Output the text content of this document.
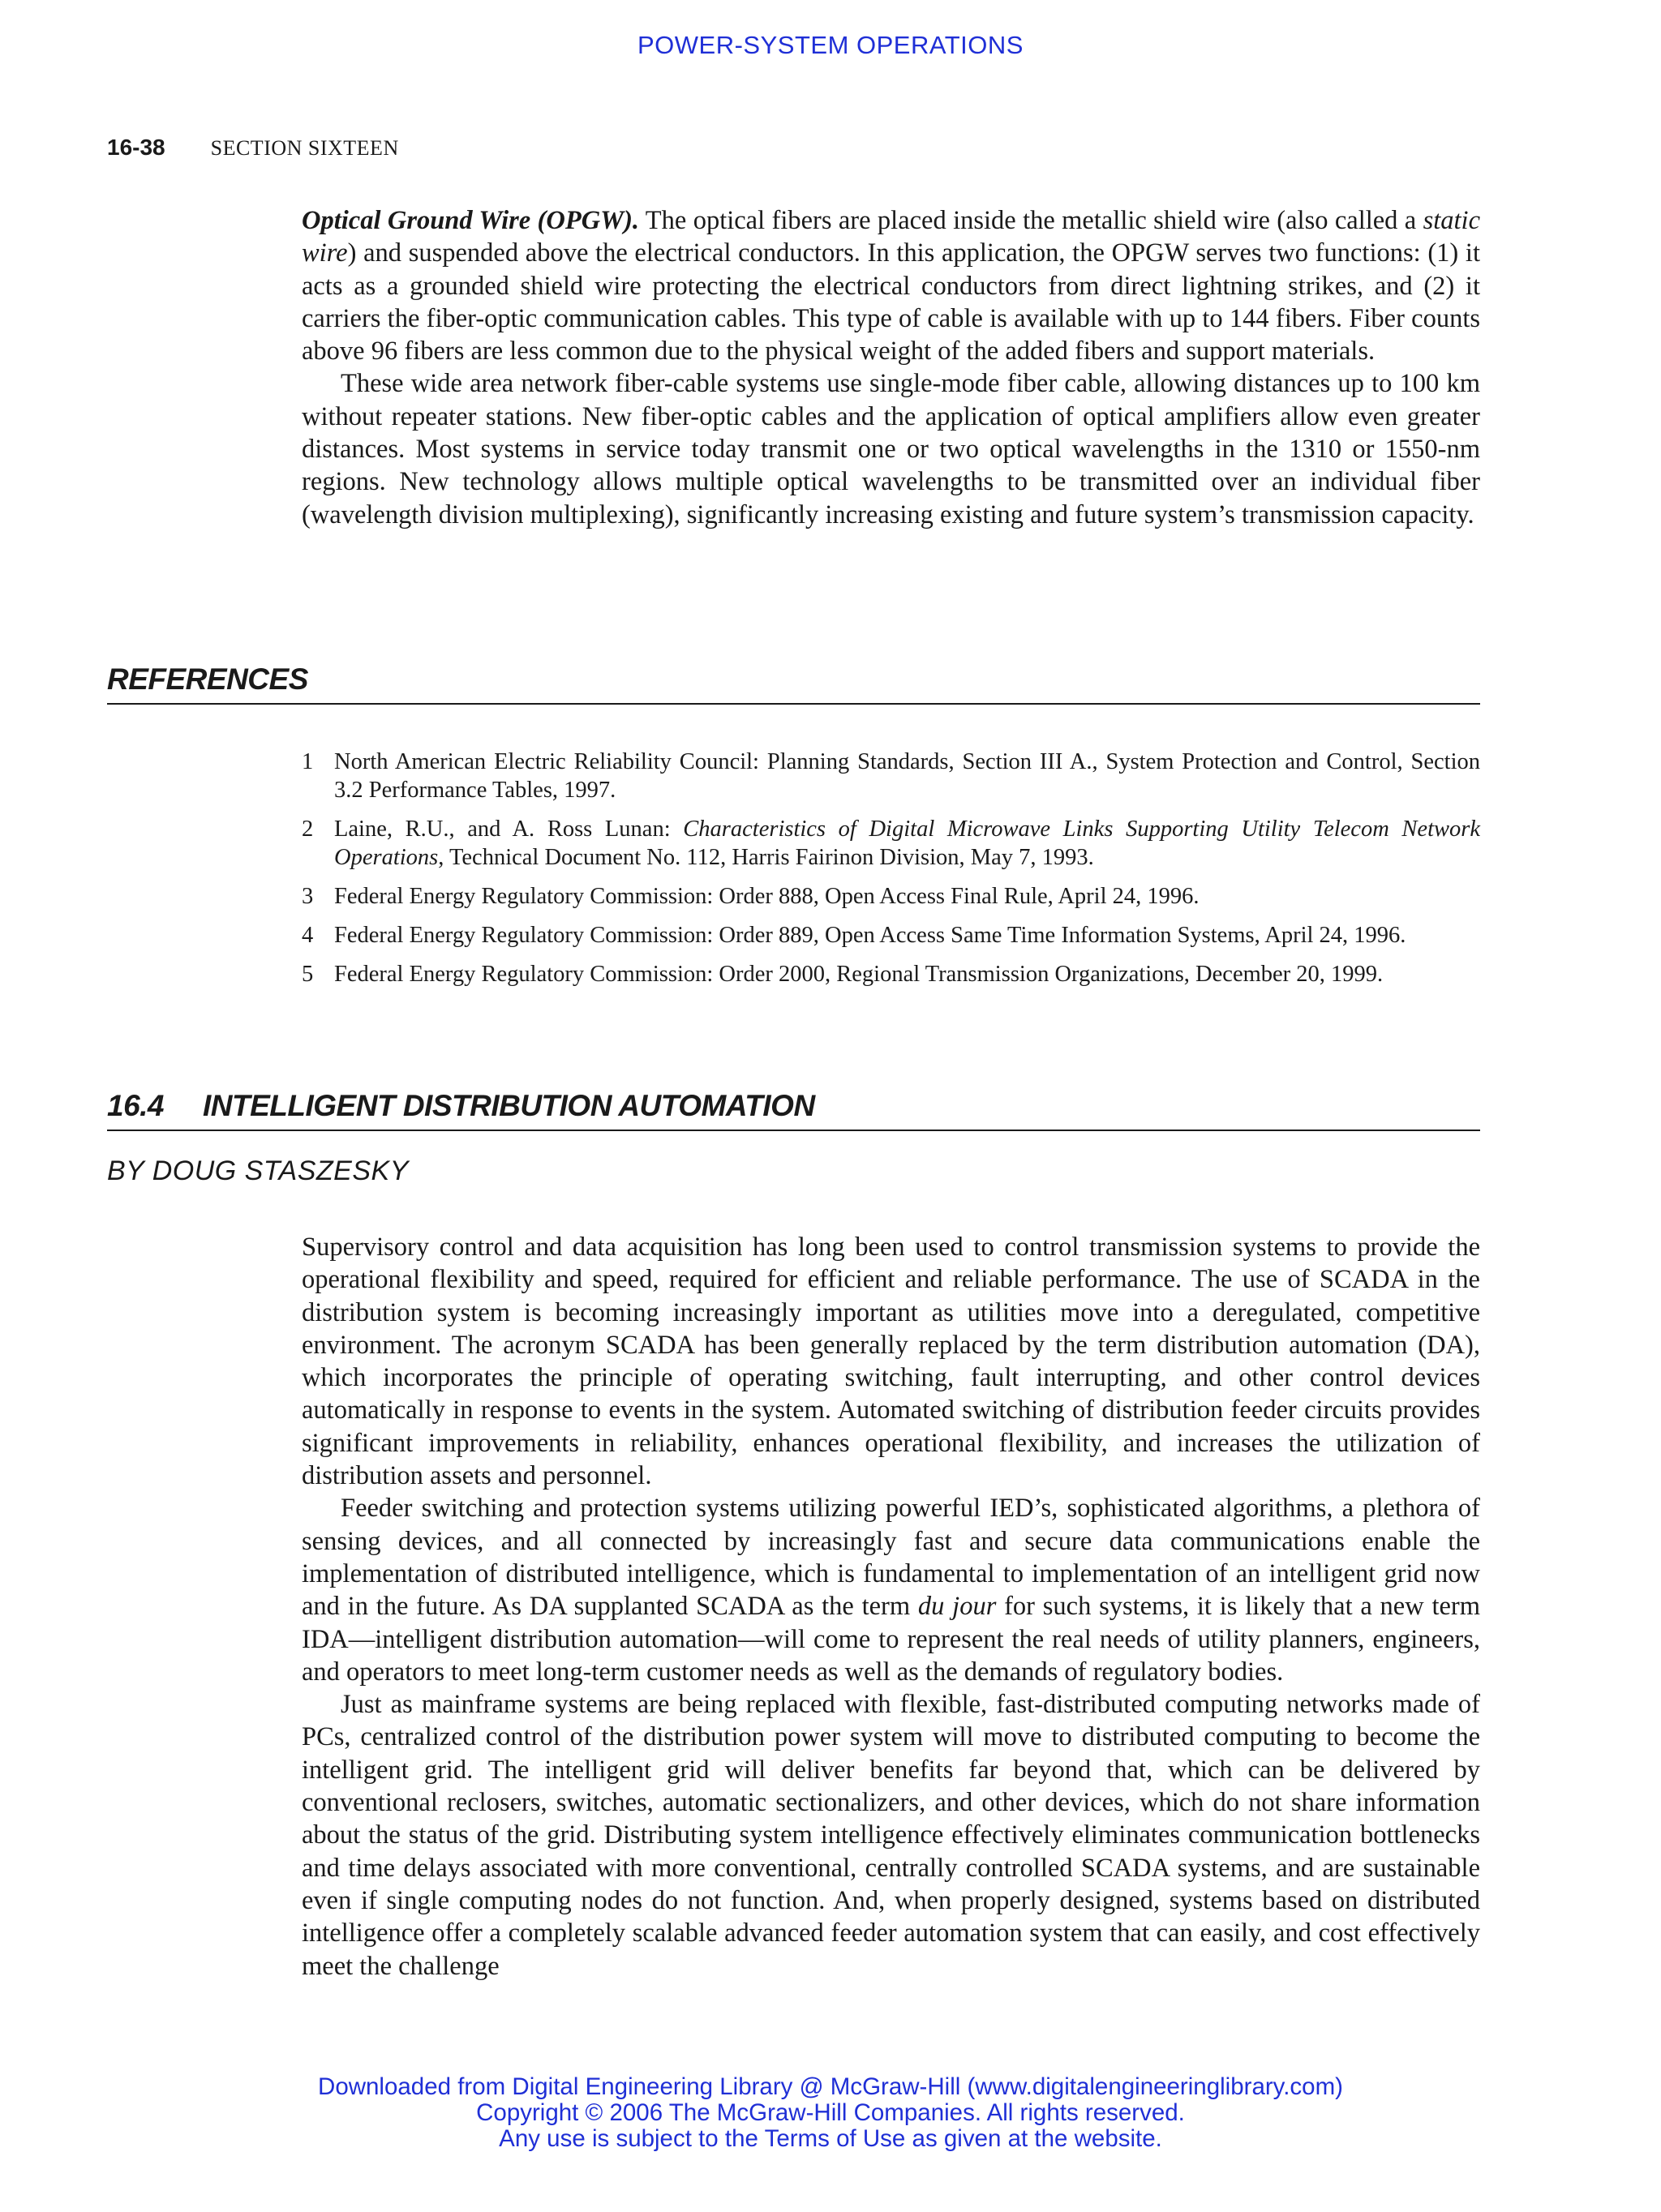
POWER-SYSTEM OPERATIONS
16-38 SECTION SIXTEEN

Optical Ground Wire (OPGW). The optical fibers are placed inside the metallic shield wire (also called a static wire) and suspended above the electrical conductors. In this application, the OPGW serves two functions: (1) it acts as a grounded shield wire protecting the electrical conductors from direct lightning strikes, and (2) it carriers the fiber-optic communication cables. This type of cable is available with up to 144 fibers. Fiber counts above 96 fibers are less common due to the physical weight of the added fibers and support materials.

These wide area network fiber-cable systems use single-mode fiber cable, allowing distances up to 100 km without repeater stations. New fiber-optic cables and the application of optical amplifiers allow even greater distances. Most systems in service today transmit one or two optical wavelengths in the 1310 or 1550-nm regions. New technology allows multiple optical wavelengths to be transmitted over an individual fiber (wavelength division multiplexing), significantly increasing existing and future system’s transmission capacity.

REFERENCES
1 North American Electric Reliability Council: Planning Standards, Section III A., System Protection and Control, Section 3.2 Performance Tables, 1997.
2 Laine, R.U., and A. Ross Lunan: Characteristics of Digital Microwave Links Supporting Utility Telecom Network Operations, Technical Document No. 112, Harris Fairinon Division, May 7, 1993.
3 Federal Energy Regulatory Commission: Order 888, Open Access Final Rule, April 24, 1996.
4 Federal Energy Regulatory Commission: Order 889, Open Access Same Time Information Systems, April 24, 1996.
5 Federal Energy Regulatory Commission: Order 2000, Regional Transmission Organizations, December 20, 1999.
16.4 INTELLIGENT DISTRIBUTION AUTOMATION
BY DOUG STASZESKY

Supervisory control and data acquisition has long been used to control transmission systems to provide the operational flexibility and speed, required for efficient and reliable performance. The use of SCADA in the distribution system is becoming increasingly important as utilities move into a deregulated, competitive environment. The acronym SCADA has been generally replaced by the term distribution automation (DA), which incorporates the principle of operating switching, fault interrupting, and other control devices automatically in response to events in the system. Automated switching of distribution feeder circuits provides significant improvements in reliability, enhances operational flexibility, and increases the utilization of distribution assets and personnel.

Feeder switching and protection systems utilizing powerful IED’s, sophisticated algorithms, a plethora of sensing devices, and all connected by increasingly fast and secure data communications enable the implementation of distributed intelligence, which is fundamental to implementation of an intelligent grid now and in the future. As DA supplanted SCADA as the term du jour for such systems, it is likely that a new term IDA—intelligent distribution automation—will come to represent the real needs of utility planners, engineers, and operators to meet long-term customer needs as well as the demands of regulatory bodies.

Just as mainframe systems are being replaced with flexible, fast-distributed computing networks made of PCs, centralized control of the distribution power system will move to distributed computing to become the intelligent grid. The intelligent grid will deliver benefits far beyond that, which can be delivered by conventional reclosers, switches, automatic sectionalizers, and other devices, which do not share information about the status of the grid. Distributing system intelligence effectively eliminates communication bottlenecks and time delays associated with more conventional, centrally controlled SCADA systems, and are sustainable even if single computing nodes do not function. And, when properly designed, systems based on distributed intelligence offer a completely scalable advanced feeder automation system that can easily, and cost effectively meet the challenge

Downloaded from Digital Engineering Library @ McGraw-Hill (www.digitalengineeringlibrary.com)
Copyright © 2006 The McGraw-Hill Companies. All rights reserved.
Any use is subject to the Terms of Use as given at the website.
